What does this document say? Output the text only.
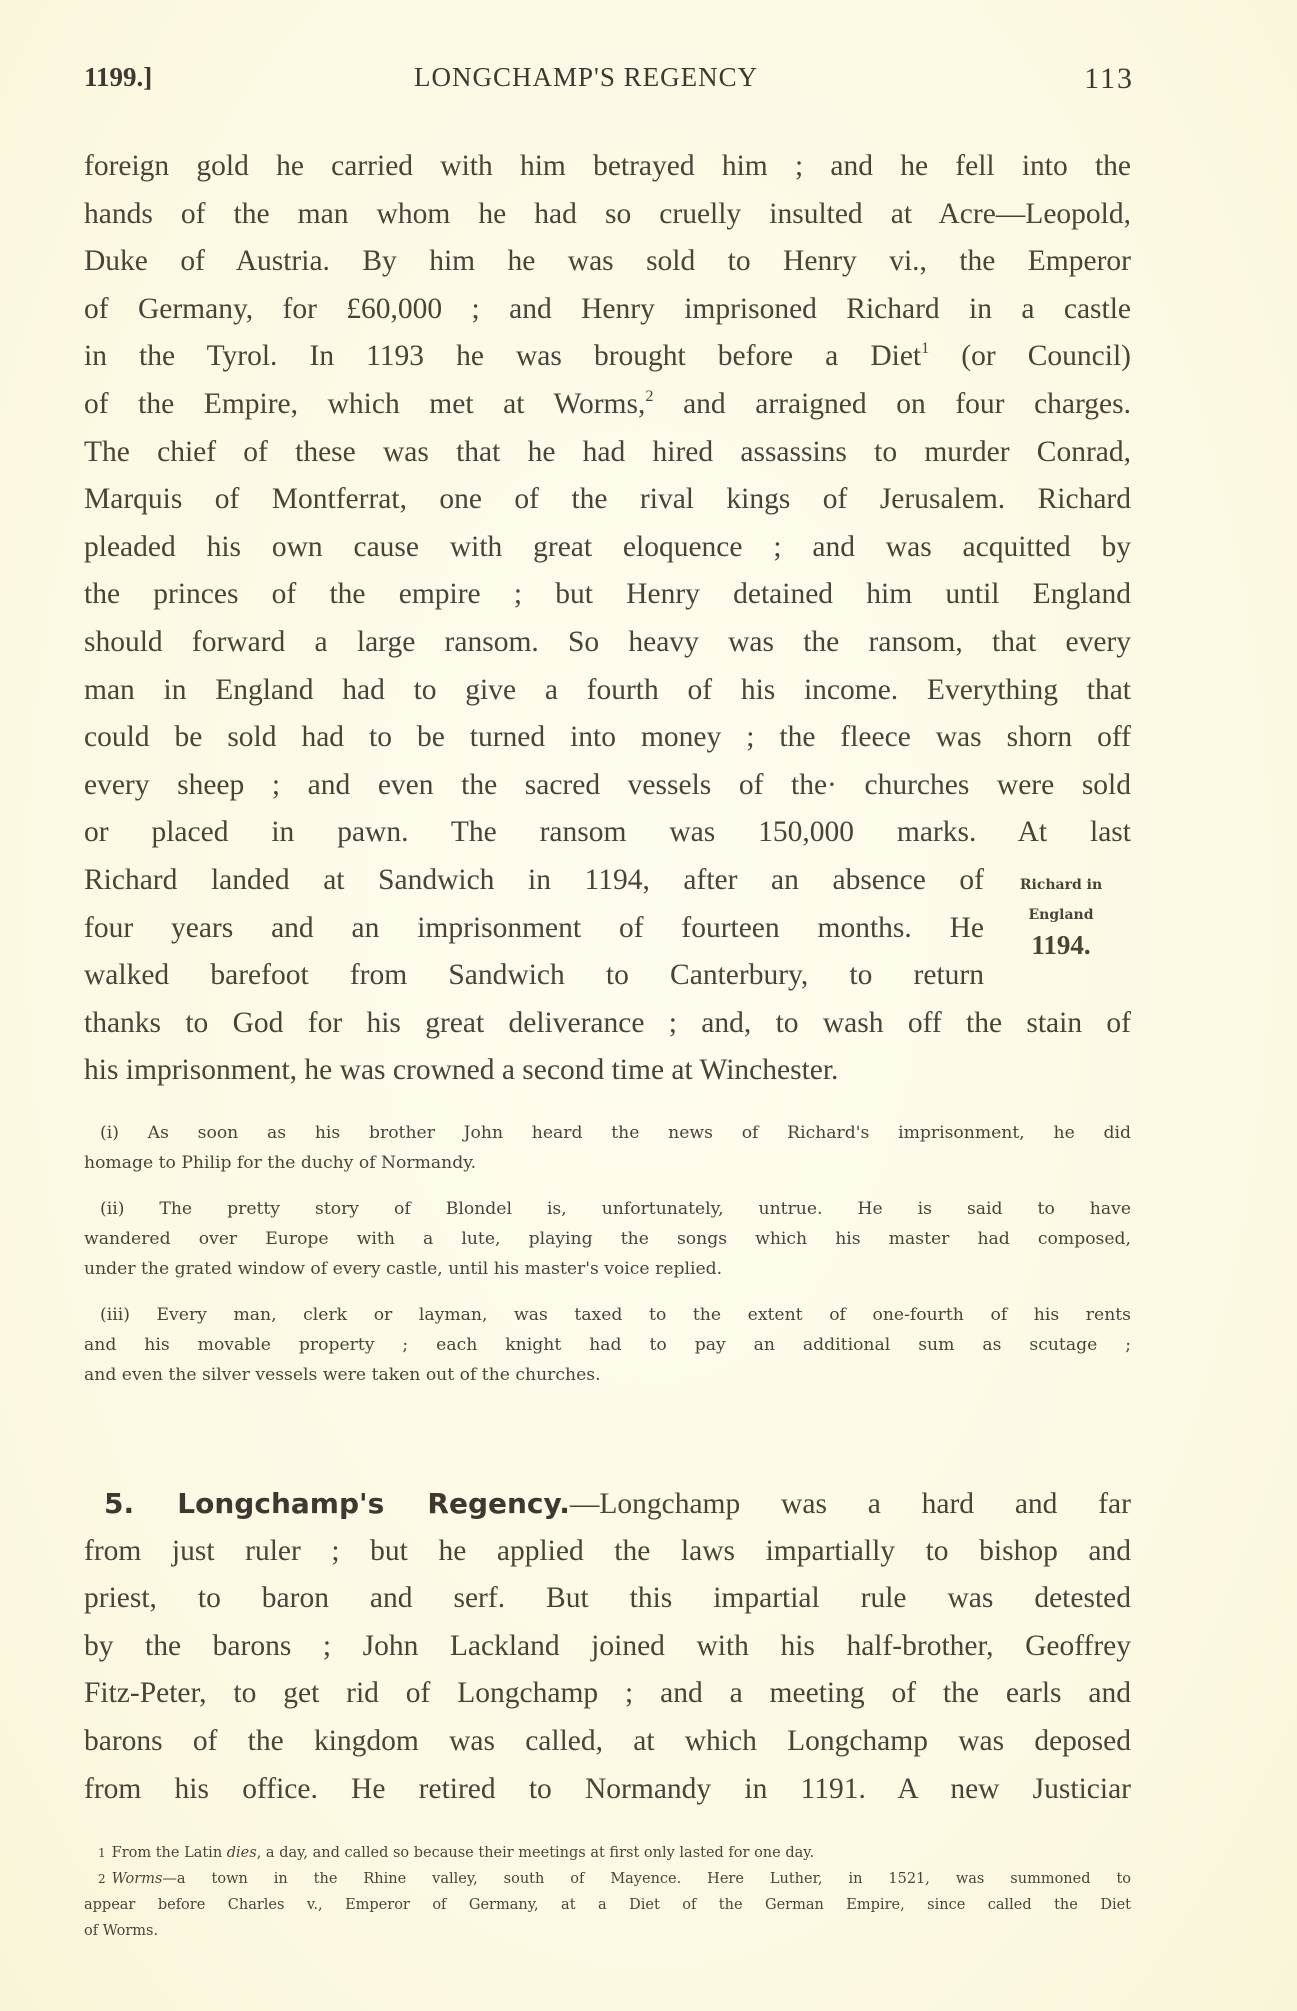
1199.]	LONGCHAMP'S REGENCY	113
foreign gold he carried with him betrayed him ; and he fell into the
hands of the man whom he had so cruelly insulted at Acre—Leopold,
Duke of Austria. By him he was sold to Henry vi., the Emperor
of Germany, for £60,000 ; and Henry imprisoned Richard in a castle
in the Tyrol. In 1193 he was brought before a Diet$^1$ (or Council)
of the Empire, which met at Worms,$^2$ and arraigned on four charges.
The chief of these was that he had hired assassins to murder Conrad,
Marquis of Montferrat, one of the rival kings of Jerusalem. Richard
pleaded his own cause with great eloquence ; and was acquitted by
the princes of the empire ; but Henry detained him until England
should forward a large ransom. So heavy was the ransom, that every
man in England had to give a fourth of his income. Everything that
could be sold had to be turned into money ; the fleece was shorn off
every sheep ; and even the sacred vessels of the· churches were sold
or placed in pawn. The ransom was 150,000 marks. At last
Richard landed at Sandwich in 1194, after an absence of
four years and an imprisonment of fourteen months. He
walked barefoot from Sandwich to Canterbury, to return
thanks to God for his great deliverance ; and, to wash off the stain of
his imprisonment, he was crowned a second time at Winchester.
Richard in
England
1194.
(i) As soon as his brother John heard the news of Richard's imprisonment, he did
homage to Philip for the duchy of Normandy.
(ii) The pretty story of Blondel is, unfortunately, untrue. He is said to have
wandered over Europe with a lute, playing the songs which his master had composed,
under the grated window of every castle, until his master's voice replied.
(iii) Every man, clerk or layman, was taxed to the extent of one-fourth of his rents
and his movable property ; each knight had to pay an additional sum as scutage ;
and even the silver vessels were taken out of the churches.
5. Longchamp's Regency.—Longchamp was a hard and far
from just ruler ; but he applied the laws impartially to bishop and
priest, to baron and serf. But this impartial rule was detested
by the barons ; John Lackland joined with his half-brother, Geoffrey
Fitz-Peter, to get rid of Longchamp ; and a meeting of the earls and
barons of the kingdom was called, at which Longchamp was deposed
from his office. He retired to Normandy in 1191. A new Justiciar
1 From the Latin dies, a day, and called so because their meetings at first only lasted for one day.
2 Worms—a town in the Rhine valley, south of Mayence. Here Luther, in 1521, was summoned to
appear before Charles v., Emperor of Germany, at a Diet of the German Empire, since called the Diet
of Worms.
